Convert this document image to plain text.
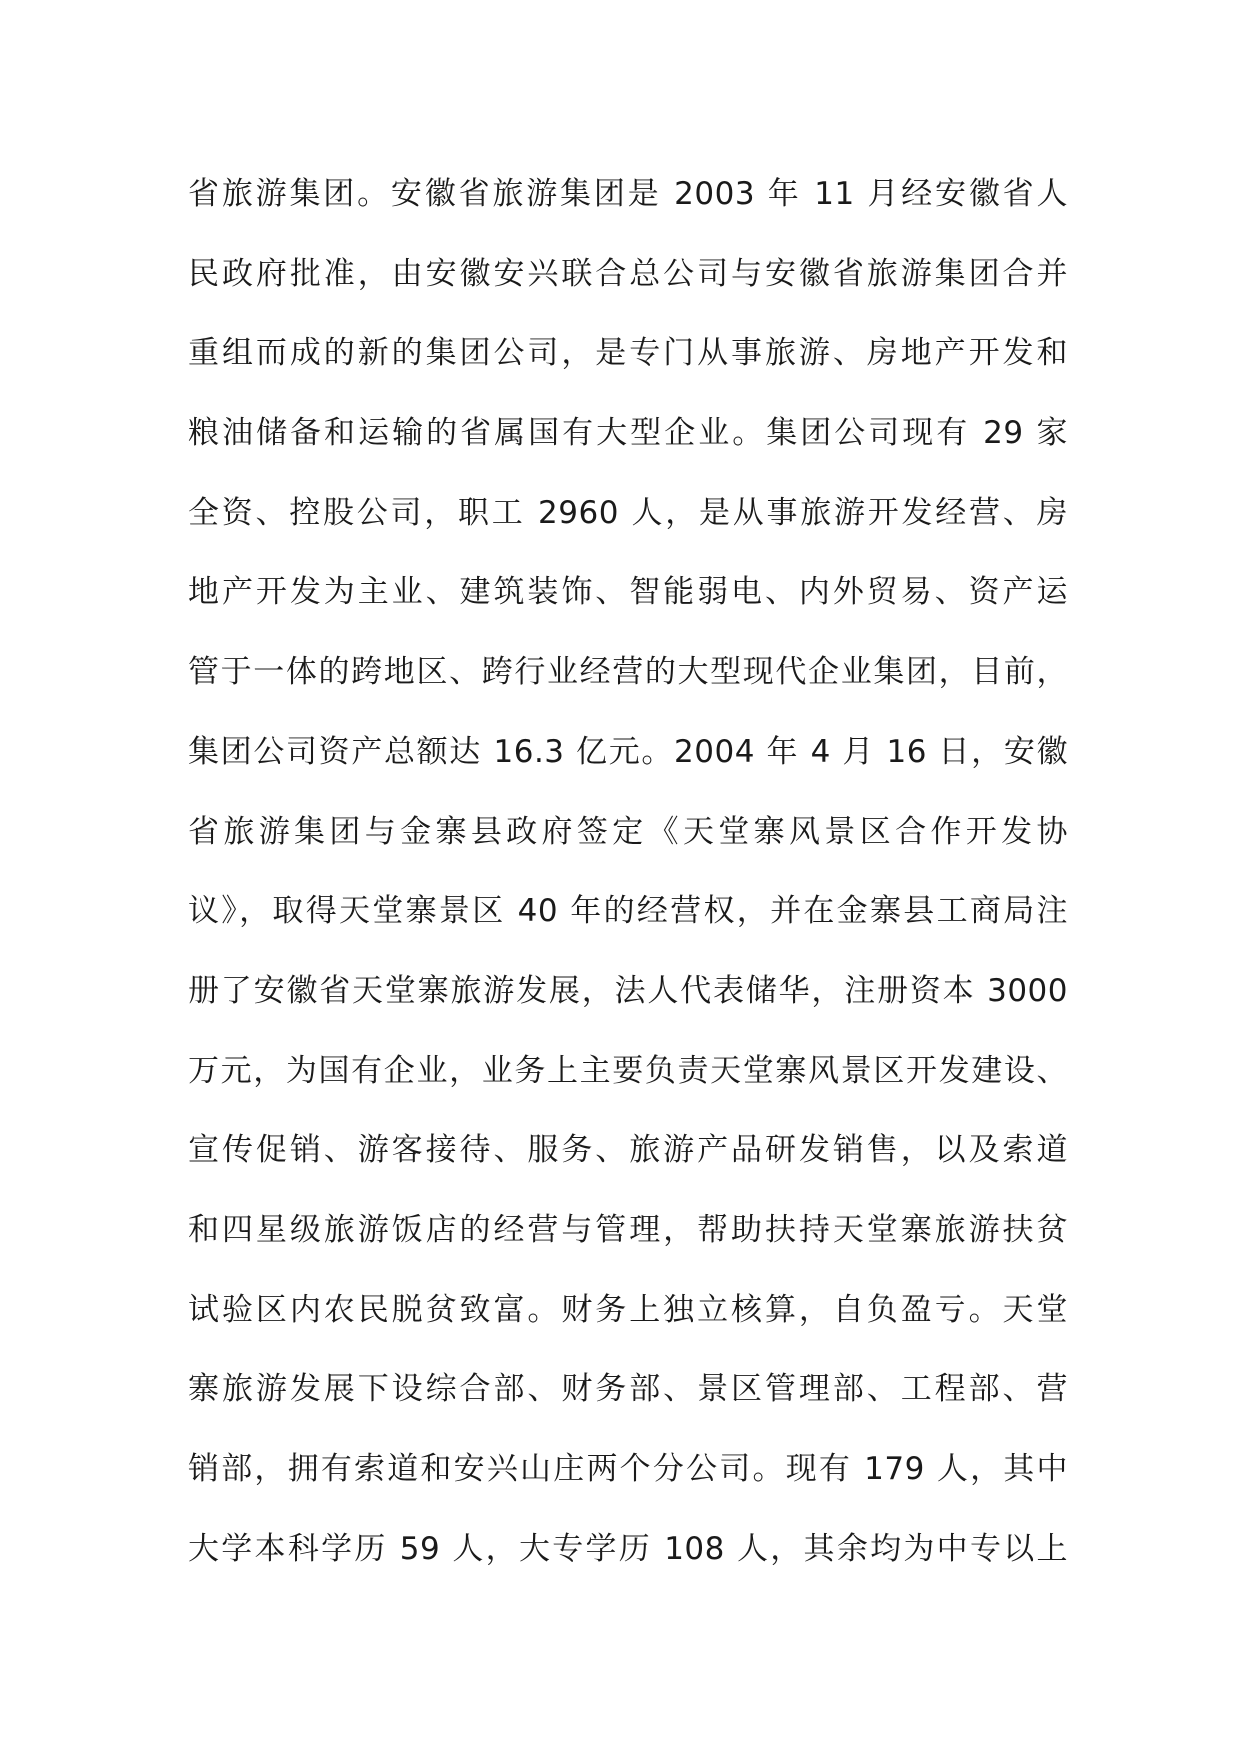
省旅游集团。安徽省旅游集团是 2003 年 11 月经安徽省人
民政府批准，由安徽安兴联合总公司与安徽省旅游集团合并
重组而成的新的集团公司，是专门从事旅游、房地产开发和
粮油储备和运输的省属国有大型企业。集团公司现有 29 家
全资、控股公司，职工 2960 人，是从事旅游开发经营、房
地产开发为主业、建筑装饰、智能弱电、内外贸易、资产运
管于一体的跨地区、跨行业经营的大型现代企业集团，目前，
集团公司资产总额达 16.3 亿元。2004 年 4 月 16 日，安徽
省旅游集团与金寨县政府签定《天堂寨风景区合作开发协
议》，取得天堂寨景区 40 年的经营权，并在金寨县工商局注
册了安徽省天堂寨旅游发展，法人代表储华，注册资本 3000
万元，为国有企业，业务上主要负责天堂寨风景区开发建设、
宣传促销、游客接待、服务、旅游产品研发销售，以及索道
和四星级旅游饭店的经营与管理，帮助扶持天堂寨旅游扶贫
试验区内农民脱贫致富。财务上独立核算，自负盈亏。天堂
寨旅游发展下设综合部、财务部、景区管理部、工程部、营
销部，拥有索道和安兴山庄两个分公司。现有 179 人，其中
大学本科学历 59 人，大专学历 108 人，其余均为中专以上
